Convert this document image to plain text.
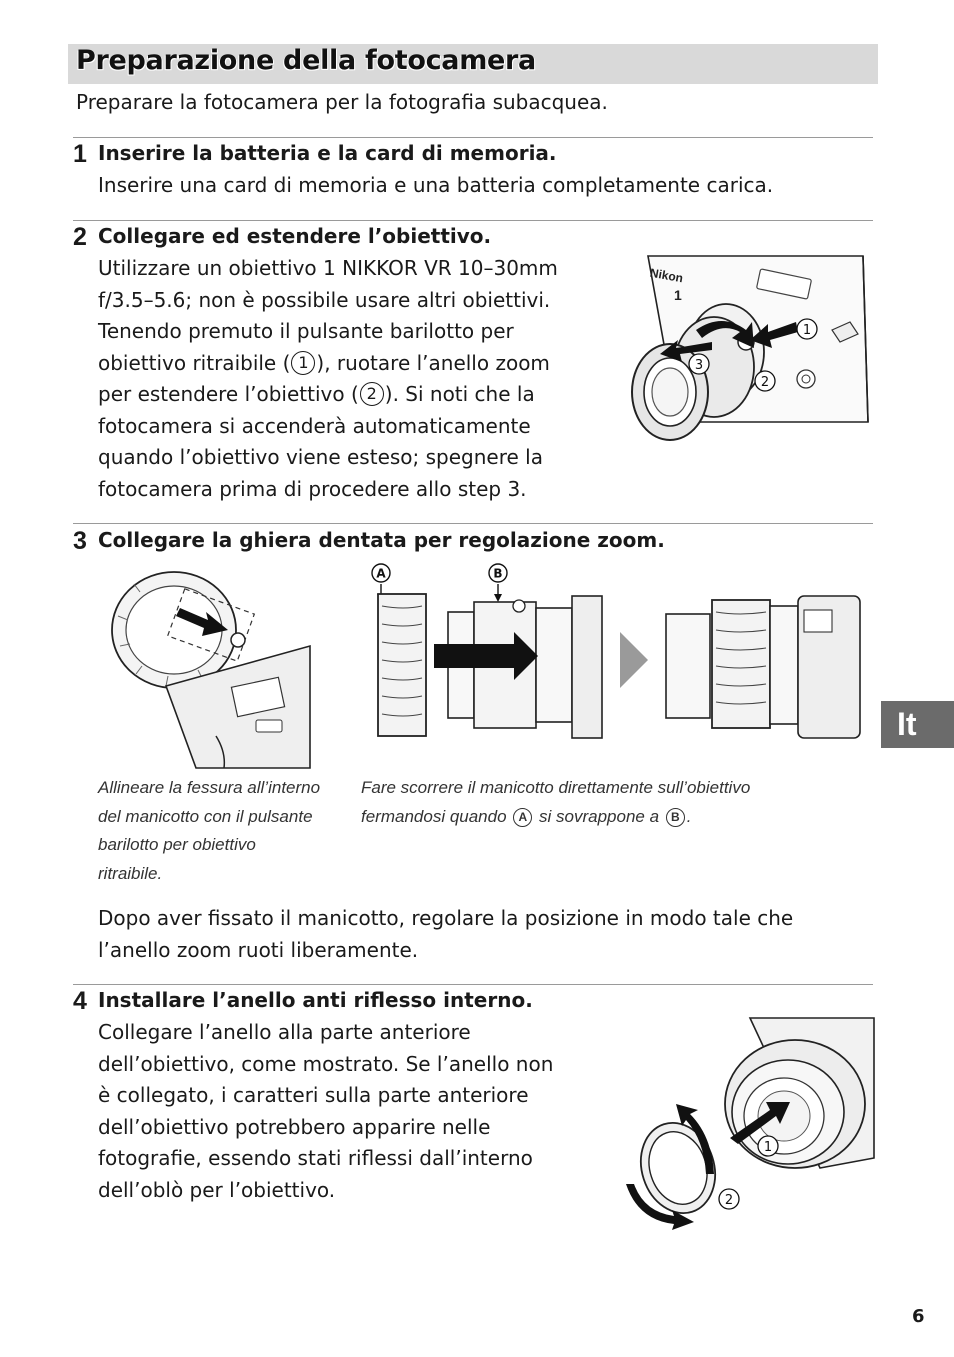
Preparazione della fotocamera
Preparare la fotocamera per la fotografia subacquea.
1 Inserire la batteria e la card di memoria.
Inserire una card di memoria e una batteria completamente carica.
2 Collegare ed estendere l’obiettivo.
Utilizzare un obiettivo 1 NIKKOR VR 10–30mm
f/3.5–5.6; non è possibile usare altri obiettivi.
Tenendo premuto il pulsante barilotto per
obiettivo ritraibile ( 1 ), ruotare l’anello zoom
per estendere l’obiettivo ( 2 ). Si noti che la
fotocamera si accenderà automaticamente
quando l’obiettivo viene esteso; spegnere la
fotocamera prima di procedere allo step 3.
Nikon
1
1
3
2
3 Collegare la ghiera dentata per regolazione zoom.
A	B
Allineare la fessura all’interno
del manicotto con il pulsante
barilotto per obiettivo
ritraibile.
Fare scorrere il manicotto direttamente sull’obiettivo
fermandosi quando A si sovrappone a B .
Dopo aver fissato il manicotto, regolare la posizione in modo tale che
l’anello zoom ruoti liberamente.
4 Installare l’anello anti riflesso interno.
Collegare l’anello alla parte anteriore
dell’obiettivo, come mostrato. Se l’anello non
è collegato, i caratteri sulla parte anteriore
dell’obiettivo potrebbero apparire nelle
fotografie, essendo stati riflessi dall’interno
dell’oblò per l’obiettivo.
1
2
It
6
